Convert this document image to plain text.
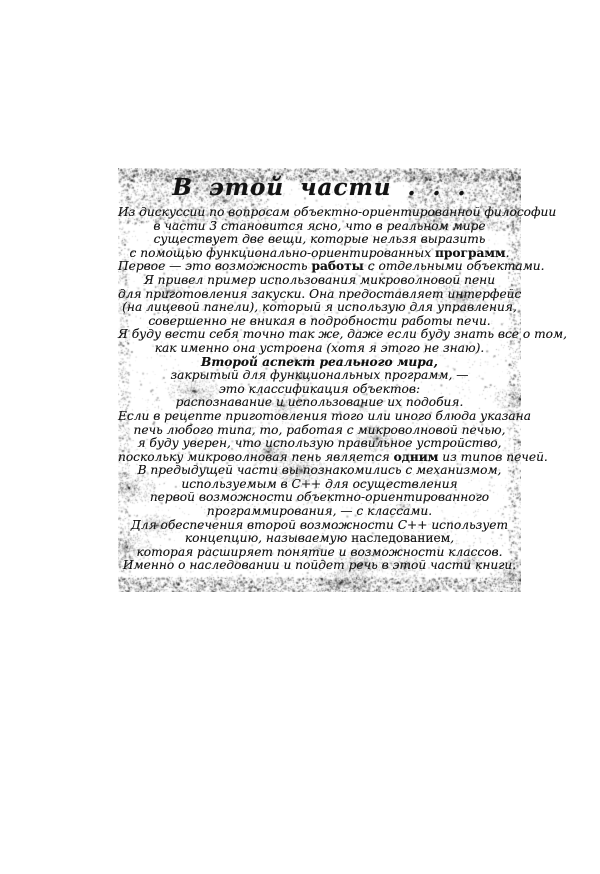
В этой части . . .
Из дискуссии по вопросам объектно-ориентированной философии
в части 3 становится ясно, что в реальном мире
существует две вещи, которые нельзя выразить
с помощью функционально-ориентированных программ.
Первое — это возможность работы с отдельными объектами.
Я привел пример использования микроволновой пени
для приготовления закуски. Она предоставляет интерфейс
(на лицевой панели), который я использую для управления,
совершенно не вникая в подробности работы печи.
Я буду вести себя точно так же, даже если буду знать все о том,
как именно она устроена (хотя я этого не знаю).
Второй аспект реального мира,
закрытый для функциональных программ, —
это классификация объектов:
распознавание и использование их подобия.
Если в рецепте приготовления того или иного блюда указана
печь любого типа, то, работая с микроволновой печью,
я буду уверен, что использую правильное устройство,
поскольку микроволновая пень является одним из типов печей.
В предыдущей части вы познакомились с механизмом,
используемым в C++ для осуществления
первой возможности объектно-ориентированного
программирования, — с классами.
Для обеспечения второй возможности C++ использует
концепцию, называемую наследованием,
которая расширяет понятие и возможности классов.
Именно о наследовании и пойдет речь в этой части книги.
